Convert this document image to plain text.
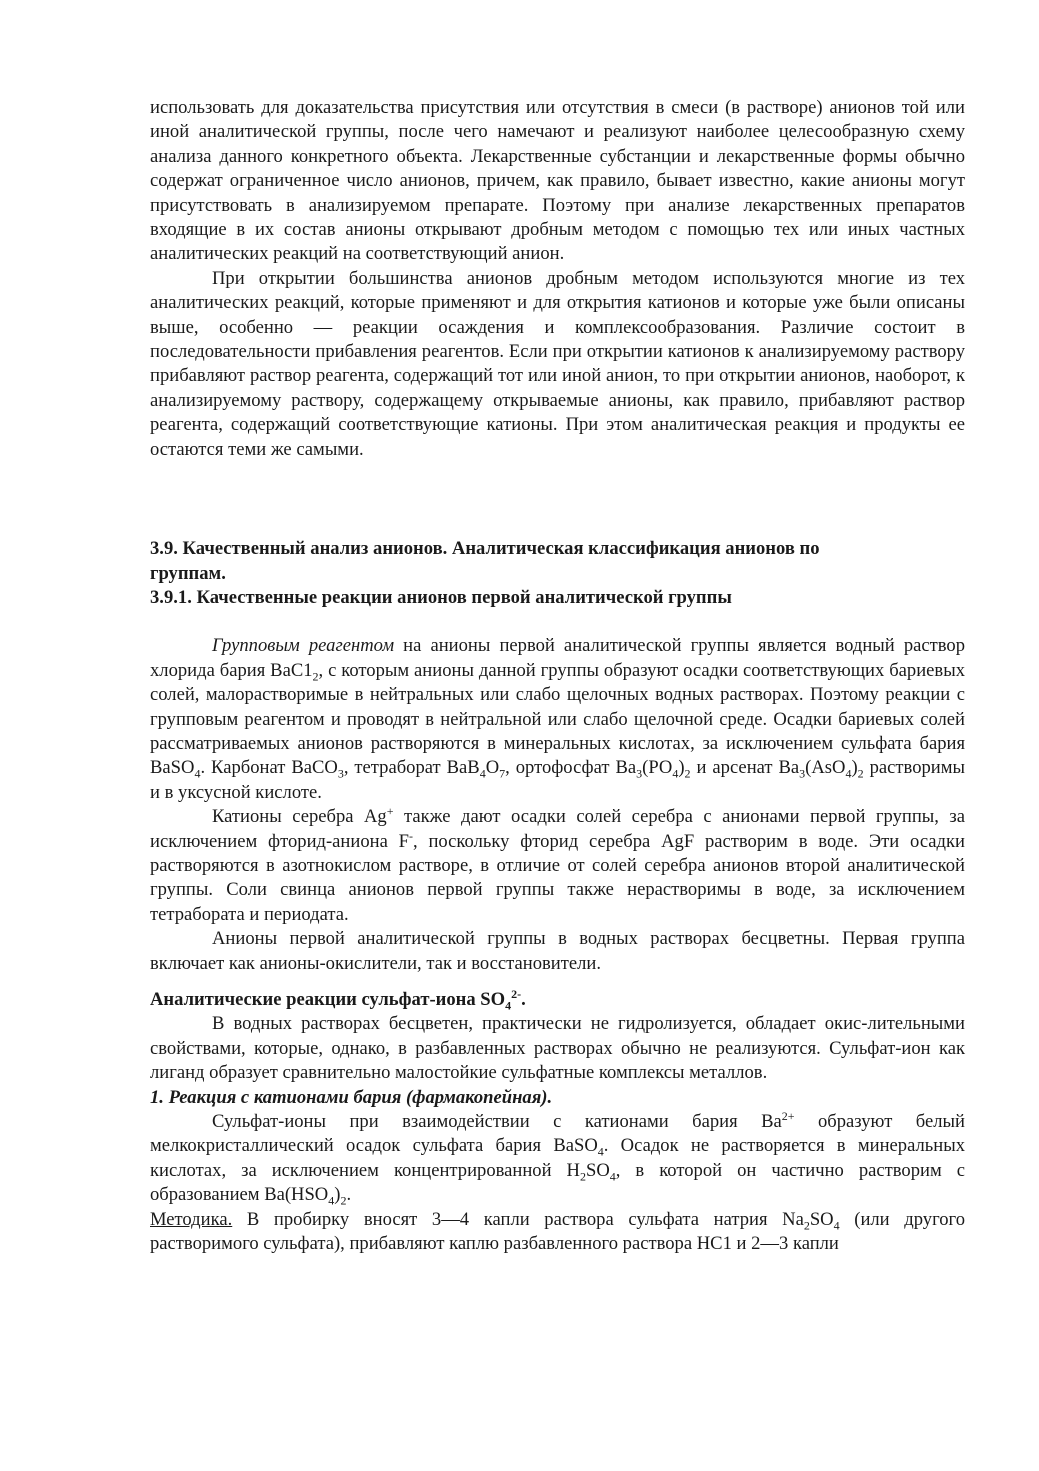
использовать для доказательства присутствия или отсутствия в смеси (в растворе) анионов той или иной аналитической группы, после чего намечают и реализуют наиболее целесообразную схему анализа данного конкретного объекта. Лекарственные субстанции и лекарственные формы обычно содержат ограниченное число анионов, причем, как правило, бывает известно, какие анионы могут присутствовать в анализируемом препарате. Поэтому при анализе лекарственных препаратов входящие в их состав анионы открывают дробным методом с помощью тех или иных частных аналитических реакций на соответствующий анион.

При открытии большинства анионов дробным методом используются многие из тех аналитических реакций, которые применяют и для открытия катионов и которые уже были описаны выше, особенно — реакции осаждения и комплексообразования. Различие состоит в последовательности прибавления реагентов. Если при открытии катионов к анализируемому раствору прибавляют раствор реагента, содержащий тот или иной анион, то при открытии анионов, наоборот, к анализируемому раствору, содержащему открываемые анионы, как правило, прибавляют раствор реагента, содержащий соответствующие катионы. При этом аналитическая реакция и продукты ее остаются теми же самыми.

3.9. Качественный анализ анионов. Аналитическая классификация анионов по
группам.

3.9.1. Качественные реакции анионов первой аналитической группы

Групповым реагентом на анионы первой аналитической группы является водный раствор хлорида бария $ВаС1_2$, с которым анионы данной группы образуют осадки соответствующих бариевых солей, малорастворимые в нейтральных или слабо щелочных водных растворах. Поэтому реакции с групповым реагентом и проводят в нейтральной или слабо щелочной среде. Осадки бариевых солей рассматриваемых анионов растворяются в минеральных кислотах, за исключением сульфата бария BaSO$_4$. Карбонат ВаСО$_3$, тетраборат $ВаВ_4О_7$, ортофосфат $Ва_3(РО_4)_2$ и арсенат $Ba_3(AsO_4)_2$ растворимы и в уксусной кислоте.

Катионы серебра Ag+ также дают осадки солей серебра с анионами первой группы, за исключением фторид-аниона F-, поскольку фторид серебра AgF растворим в воде. Эти осадки растворяются в азотнокислом растворе, в отличие от солей серебра анионов второй аналитической группы. Соли свинца анионов первой группы также нерастворимы в воде, за исключением тетрабората и периодата.

Анионы первой аналитической группы в водных растворах бесцветны. Первая группа включает как анионы-окислители, так и восстановители.

Аналитические реакции сульфат-иона $SO_4^{2-}$.

В водных растворах бесцветен, практически не гидролизуется, обладает окис-лительными свойствами, которые, однако, в разбавленных растворах обычно не реализуются. Сульфат-ион как лиганд образует сравнительно малостойкие сульфатные комплексы металлов.

1. Реакция с катионами бария (фармакопейная).

Сульфат-ионы при взаимодействии с катионами бария $Ва^{2+}$ образуют белый мелкокристаллический осадок сульфата бария BaSO$_4$. Осадок не растворяется в минеральных кислотах, за исключением концентрированной $H_2SO_4$, в которой он частично растворим с образованием $Ba(HSO_4)_2$.

Методика. В пробирку вносят 3—4 капли раствора сульфата натрия $Na_2SO_4$ (или другого растворимого сульфата), прибавляют каплю разбавленного раствора НС1 и 2—3 капли
